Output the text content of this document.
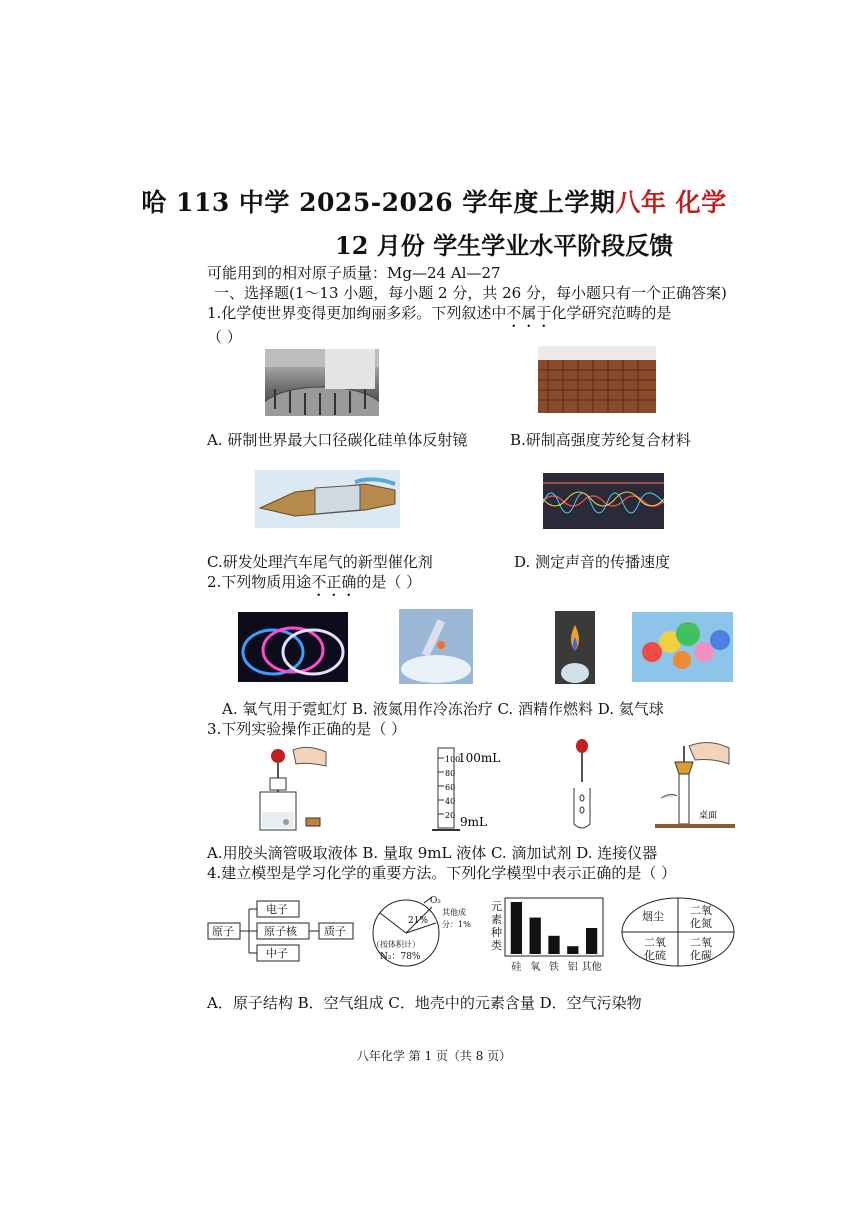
哈 113 中学 2025-2026 学年度上学期八年 化学
12 月份 学生学业水平阶段反馈
可能用到的相对原子质量：Mg—24 Al—27
一、选择题(1～13 小题，每小题 2 分，共 26 分，每小题只有一个正确答案)
1.化学使世界变得更加绚丽多彩。下列叙述中不属于化学研究范畴的是
（ ）
A. 研制世界最大口径碳化硅单体反射镜	B.研制高强度芳纶复合材料
C.研发处理汽车尾气的新型催化剂	D. 测定声音的传播速度
2.下列物质用途不正确的是（ ）
A. 氧气用于霓虹灯 B. 液氮用作冷冻治疗 C. 酒精作燃料 D. 氦气球
3.下列实验操作正确的是（ ）
100
80
60
40
20
100mL
9mL	桌面
A.用胶头滴管吸取液体 B. 量取 9mL 液体 C. 滴加试剂 D. 连接仪器
4.建立模型是学习化学的重要方法。下列化学模型中表示正确的是（ ）
原子
电子
原子核
中子
质子
O₂
21%
其他成
分：1%
（按体积计）
N₂：78%
元
素
种
类
硅 氧 铁 铝 其他
烟尘 二氧
化氮
二氧
化硫
二氧
化碳
A．原子结构 B．空气组成 C．地壳中的元素含量 D．空气污染物
八年化学 第 1 页（共 8 页）
